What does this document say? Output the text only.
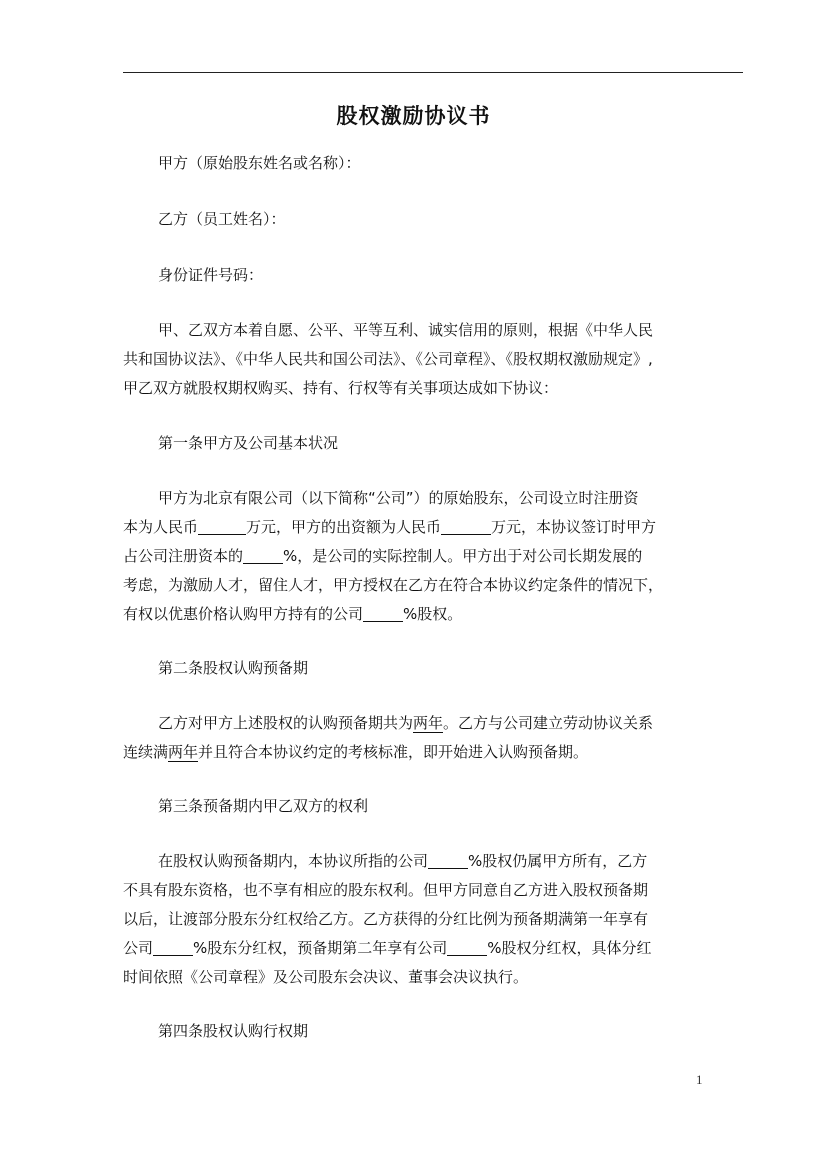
股权激励协议书
甲方（原始股东姓名或名称）：
乙方（员工姓名）：
身份证件号码：
甲、乙双方本着自愿、公平、平等互利、诚实信用的原则，根据《中华人民
共和国协议法》、《中华人民共和国公司法》、《公司章程》、《股权期权激励规定》,
甲乙双方就股权期权购买、持有、行权等有关事项达成如下协议：
第一条甲方及公司基本状况
甲方为北京有限公司（以下简称“公司”）的原始股东，公司设立时注册资
本为人民币	万元，甲方的出资额为人民币	万元，本协议签订时甲方
占公司注册资本的	%，是公司的实际控制人。甲方出于对公司长期发展的
考虑，为激励人才，留住人才，甲方授权在乙方在符合本协议约定条件的情况下，
有权以优惠价格认购甲方持有的公司	%股权。
第二条股权认购预备期
乙方对甲方上述股权的认购预备期共为两年。乙方与公司建立劳动协议关系
连续满两年并且符合本协议约定的考核标准，即开始进入认购预备期。
第三条预备期内甲乙双方的权利
在股权认购预备期内，本协议所指的公司	%股权仍属甲方所有，乙方
不具有股东资格，也不享有相应的股东权利。但甲方同意自乙方进入股权预备期
以后，让渡部分股东分红权给乙方。乙方获得的分红比例为预备期满第一年享有
公司	%股东分红权，预备期第二年享有公司	%股权分红权，具体分红
时间依照《公司章程》及公司股东会决议、董事会决议执行。
第四条股权认购行权期
1
